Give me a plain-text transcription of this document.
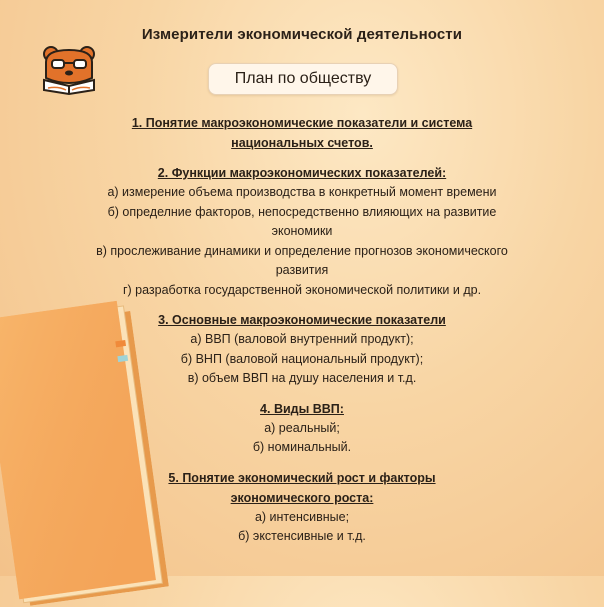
Измерители экономической деятельности
План по обществу
1. Понятие макроэкономические показатели и система
национальных счетов.
2. Функции макроэкономических показателей:
а) измерение объема производства в конкретный момент времени
б) определние факторов, непосредственно влияющих на развитие
экономики
в) прослеживание динамики и определение прогнозов экономического
развития
г) разработка государственной экономической политики и др.
3. Основные макроэкономические показатели
а) ВВП (валовой внутренний продукт);
б) ВНП (валовой национальный продукт);
в) объем ВВП на душу населения и т.д.
4. Виды ВВП:
а) реальный;
б) номинальный.
5. Понятие экономический рост и факторы
экономического роста:
а) интенсивные;
б) экстенсивные и т.д.
